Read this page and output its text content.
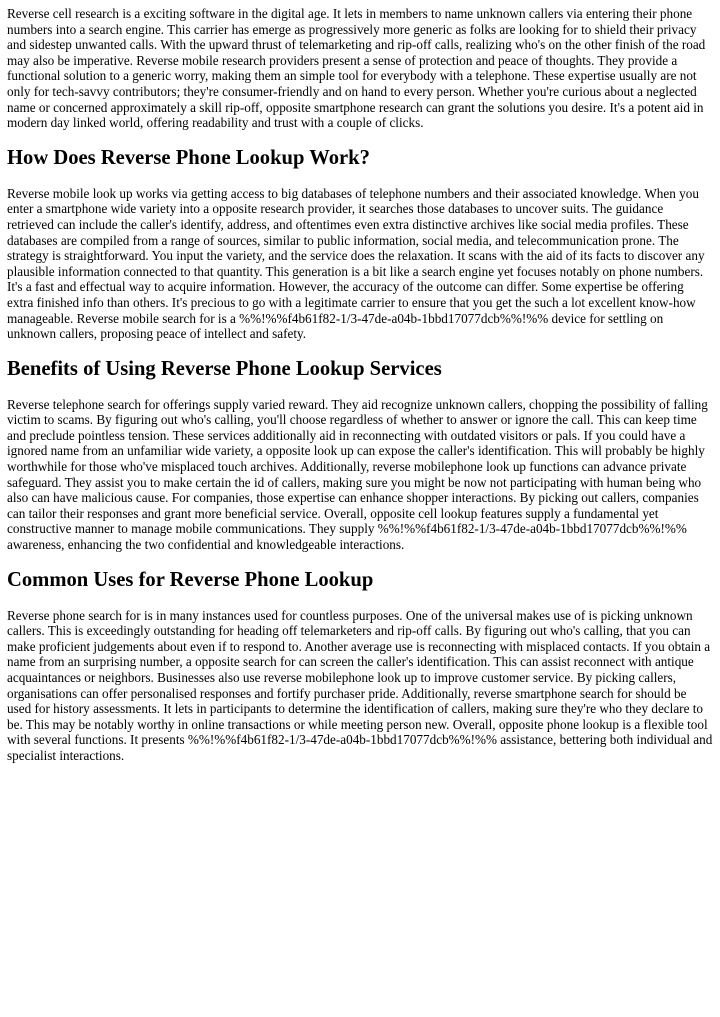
Reverse cell research is a exciting software in the digital age. It lets in members to name unknown callers via entering their phone numbers into a search engine. This carrier has emerge as progressively more generic as folks are looking for to shield their privacy and sidestep unwanted calls. With the upward thrust of telemarketing and rip-off calls, realizing who's on the other finish of the road may also be imperative. Reverse mobile research providers present a sense of protection and peace of thoughts. They provide a functional solution to a generic worry, making them an simple tool for everybody with a telephone. These expertise usually are not only for tech-savvy contributors; they're consumer-friendly and on hand to every person. Whether you're curious about a neglected name or concerned approximately a skill rip-off, opposite smartphone research can grant the solutions you desire. It's a potent aid in modern day linked world, offering readability and trust with a couple of clicks.

How Does Reverse Phone Lookup Work?

Reverse mobile look up works via getting access to big databases of telephone numbers and their associated knowledge. When you enter a smartphone wide variety into a opposite research provider, it searches those databases to uncover suits. The guidance retrieved can include the caller's identify, address, and oftentimes even extra distinctive archives like social media profiles. These databases are compiled from a range of sources, similar to public information, social media, and telecommunication prone. The strategy is straightforward. You input the variety, and the service does the relaxation. It scans with the aid of its facts to discover any plausible information connected to that quantity. This generation is a bit like a search engine yet focuses notably on phone numbers. It's a fast and effectual way to acquire information. However, the accuracy of the outcome can differ. Some expertise be offering extra finished info than others. It's precious to go with a legitimate carrier to ensure that you get the such a lot excellent know-how manageable. Reverse mobile search for is a %%!%%f4b61f82-1/3-47de-a04b-1bbd17077dcb%%!%% device for settling on unknown callers, proposing peace of intellect and safety.

Benefits of Using Reverse Phone Lookup Services

Reverse telephone search for offerings supply varied reward. They aid recognize unknown callers, chopping the possibility of falling victim to scams. By figuring out who's calling, you'll choose regardless of whether to answer or ignore the call. This can keep time and preclude pointless tension. These services additionally aid in reconnecting with outdated visitors or pals. If you could have a ignored name from an unfamiliar wide variety, a opposite look up can expose the caller's identification. This will probably be highly worthwhile for those who've misplaced touch archives. Additionally, reverse mobilephone look up functions can advance private safeguard. They assist you to make certain the id of callers, making sure you might be now not participating with human being who also can have malicious cause. For companies, those expertise can enhance shopper interactions. By picking out callers, companies can tailor their responses and grant more beneficial service. Overall, opposite cell lookup features supply a fundamental yet constructive manner to manage mobile communications. They supply %%!%%f4b61f82-1/3-47de-a04b-1bbd17077dcb%%!%% awareness, enhancing the two confidential and knowledgeable interactions.

Common Uses for Reverse Phone Lookup

Reverse phone search for is in many instances used for countless purposes. One of the universal makes use of is picking unknown callers. This is exceedingly outstanding for heading off telemarketers and rip-off calls. By figuring out who's calling, that you can make proficient judgements about even if to respond to. Another average use is reconnecting with misplaced contacts. If you obtain a name from an surprising number, a opposite search for can screen the caller's identification. This can assist reconnect with antique acquaintances or neighbors. Businesses also use reverse mobilephone look up to improve customer service. By picking callers, organisations can offer personalised responses and fortify purchaser pride. Additionally, reverse smartphone search for should be used for history assessments. It lets in participants to determine the identification of callers, making sure they're who they declare to be. This may be notably worthy in online transactions or while meeting person new. Overall, opposite phone lookup is a flexible tool with several functions. It presents %%!%%f4b61f82-1/3-47de-a04b-1bbd17077dcb%%!%% assistance, bettering both individual and specialist interactions.
